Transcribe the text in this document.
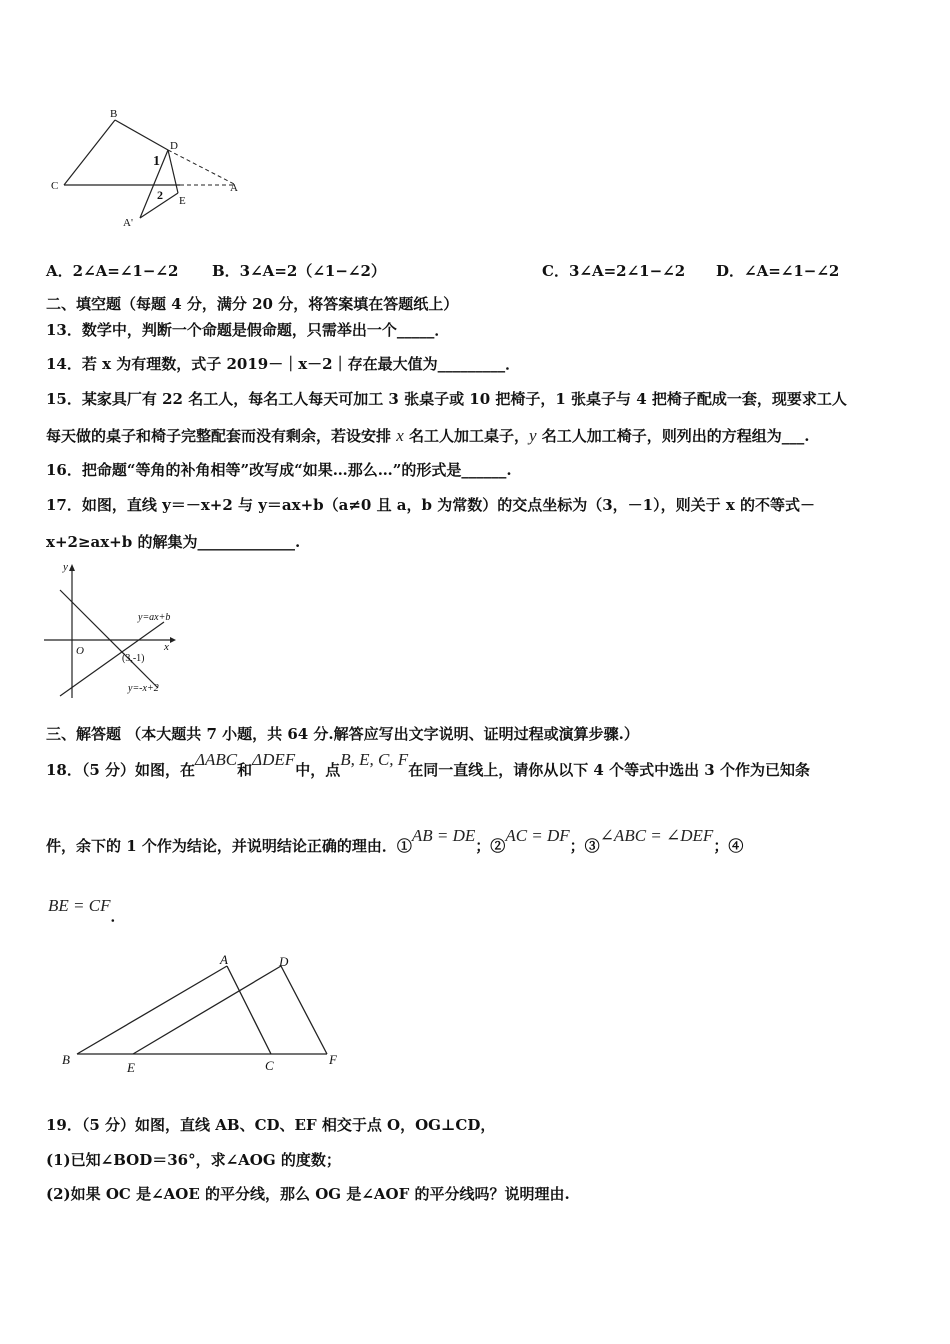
B
C
D
A
E
A'
1
2
A．2∠A=∠1−∠2 B．3∠A=2（∠1−∠2）	C．3∠A=2∠1−∠2 D．∠A=∠1−∠2
二、填空题（每题 4 分，满分 20 分，将答案填在答题纸上）
13．数学中，判断一个命题是假命题，只需举出一个_____．
14．若 x 为有理数，式子 2019－｜x－2｜存在最大值为_________．
15．某家具厂有 22 名工人，每名工人每天可加工 3 张桌子或 10 把椅子，1 张桌子与 4 把椅子配成一套，现要求工人
每天做的桌子和椅子完整配套而没有剩余，若设安排 x 名工人加工桌子，y 名工人加工椅子，则列出的方程组为___.
16．把命题“等角的补角相等”改写成“如果…那么…”的形式是______.
17．如图，直线 y＝－x+2 与 y＝ax+b（a≠0 且 a，b 为常数）的交点坐标为（3，－1），则关于 x 的不等式－
x+2≥ax+b 的解集为_____________.
y
x
O
y=ax+b
(3,-1)
y=-x+2
三、解答题 （本大题共 7 小题，共 64 分.解答应写出文字说明、证明过程或演算步骤.）
18．（5 分）如图，在ΔABC和ΔDEF中，点B, E, C, F在同一直线上，请你从以下 4 个等式中选出 3 个作为已知条
件，余下的 1 个作为结论，并说明结论正确的理由．①AB = DE；②AC = DF；③∠ABC = ∠DEF；④
BE = CF．
A	D
B
E	C	F
19．（5 分）如图，直线 AB、CD、EF 相交于点 O，OG⊥CD，
(1)已知∠BOD＝36°，求∠AOG 的度数；
(2)如果 OC 是∠AOE 的平分线，那么 OG 是∠AOF 的平分线吗？说明理由.
